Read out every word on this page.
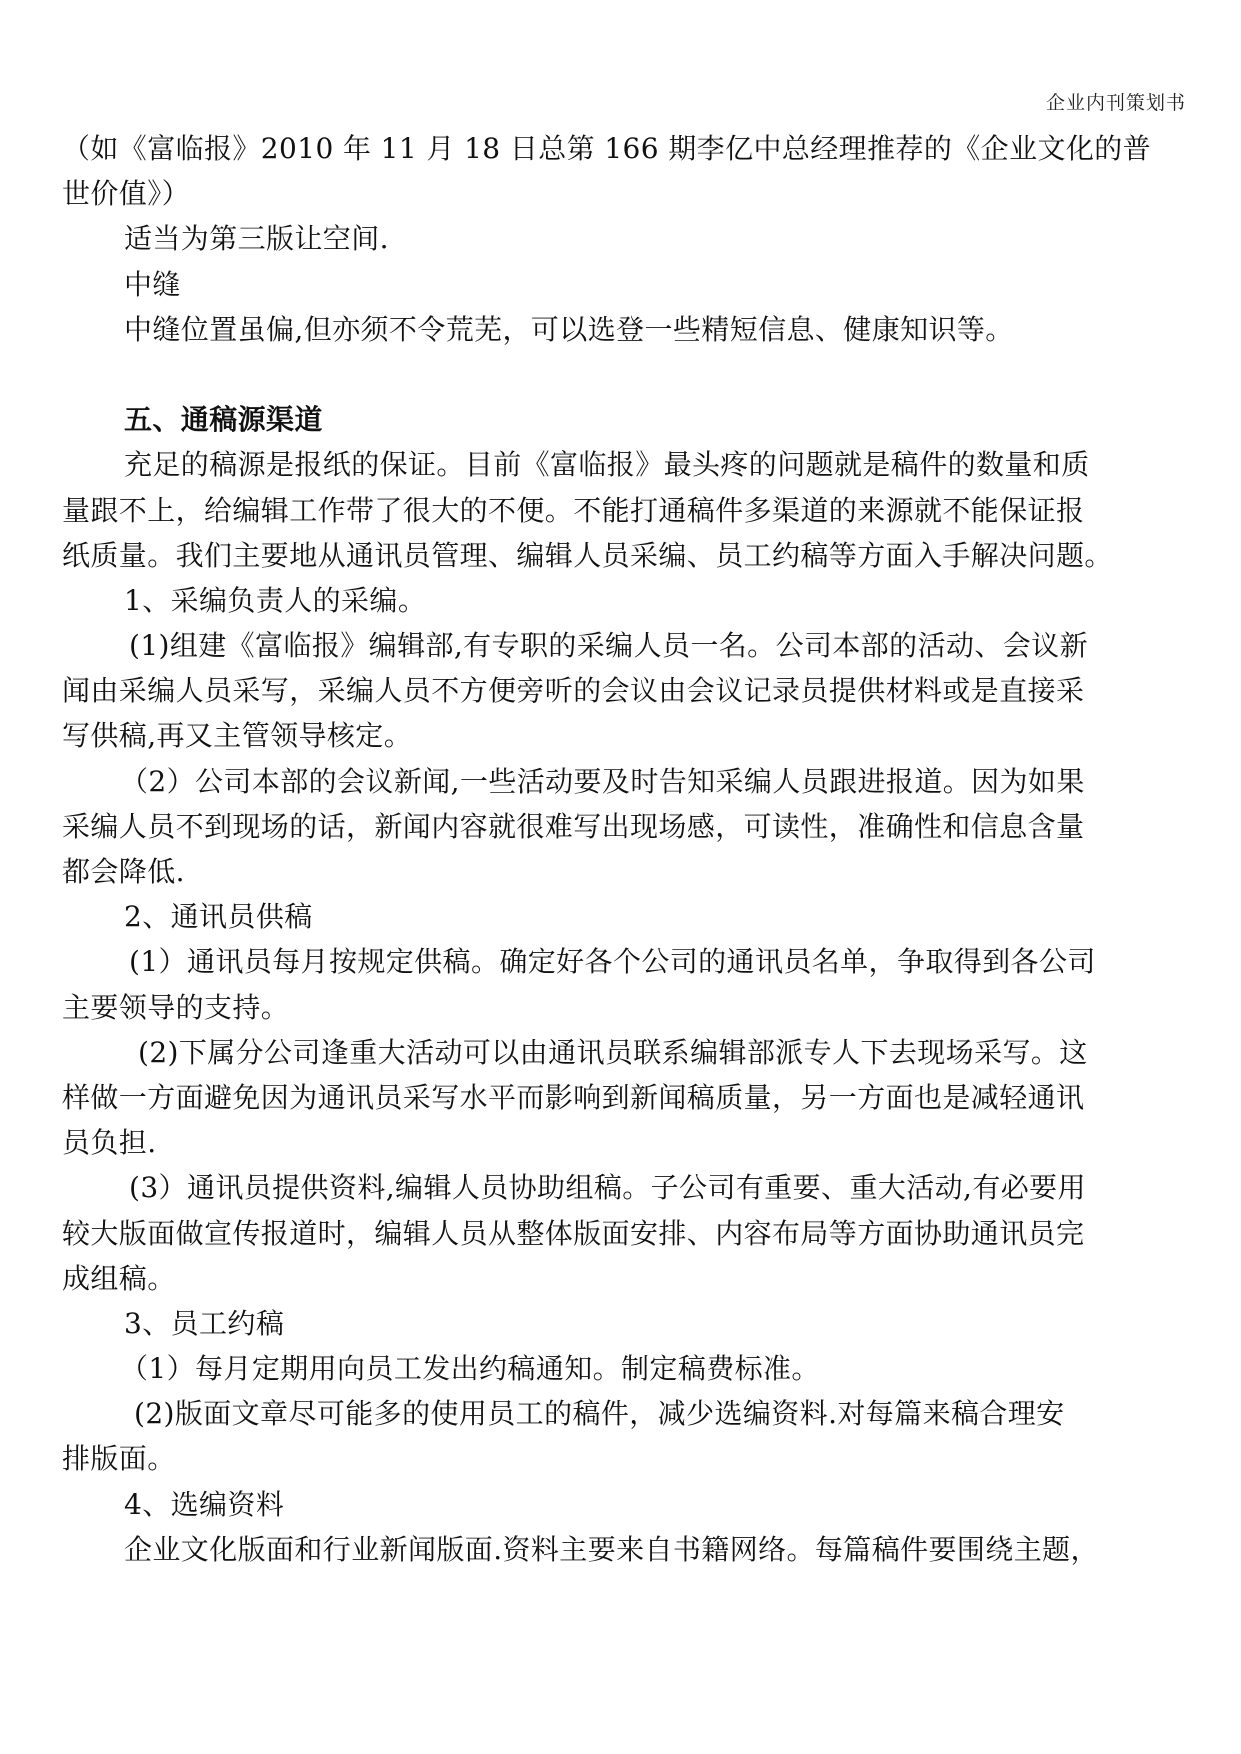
企业内刊策划书
（如《富临报》2010 年 11 月 18 日总第 166 期李亿中总经理推荐的《企业文化的普
世价值》）
适当为第三版让空间.
中缝
中缝位置虽偏,但亦须不令荒芜，可以选登一些精短信息、健康知识等。
五、通稿源渠道
充足的稿源是报纸的保证。目前《富临报》最头疼的问题就是稿件的数量和质
量跟不上，给编辑工作带了很大的不便。不能打通稿件多渠道的来源就不能保证报
纸质量。我们主要地从通讯员管理、编辑人员采编、员工约稿等方面入手解决问题。
1、采编负责人的采编。
(1)组建《富临报》编辑部,有专职的采编人员一名。公司本部的活动、会议新
闻由采编人员采写，采编人员不方便旁听的会议由会议记录员提供材料或是直接采
写供稿,再又主管领导核定。
（2）公司本部的会议新闻,一些活动要及时告知采编人员跟进报道。因为如果
采编人员不到现场的话，新闻内容就很难写出现场感，可读性，准确性和信息含量
都会降低.
2、通讯员供稿
(1）通讯员每月按规定供稿。确定好各个公司的通讯员名单，争取得到各公司
主要领导的支持。
(2)下属分公司逢重大活动可以由通讯员联系编辑部派专人下去现场采写。这
样做一方面避免因为通讯员采写水平而影响到新闻稿质量，另一方面也是减轻通讯
员负担.
(3）通讯员提供资料,编辑人员协助组稿。子公司有重要、重大活动,有必要用
较大版面做宣传报道时，编辑人员从整体版面安排、内容布局等方面协助通讯员完
成组稿。
3、员工约稿
（1）每月定期用向员工发出约稿通知。制定稿费标准。
(2)版面文章尽可能多的使用员工的稿件，减少选编资料.对每篇来稿合理安
排版面。
4、选编资料
企业文化版面和行业新闻版面.资料主要来自书籍网络。每篇稿件要围绕主题，
